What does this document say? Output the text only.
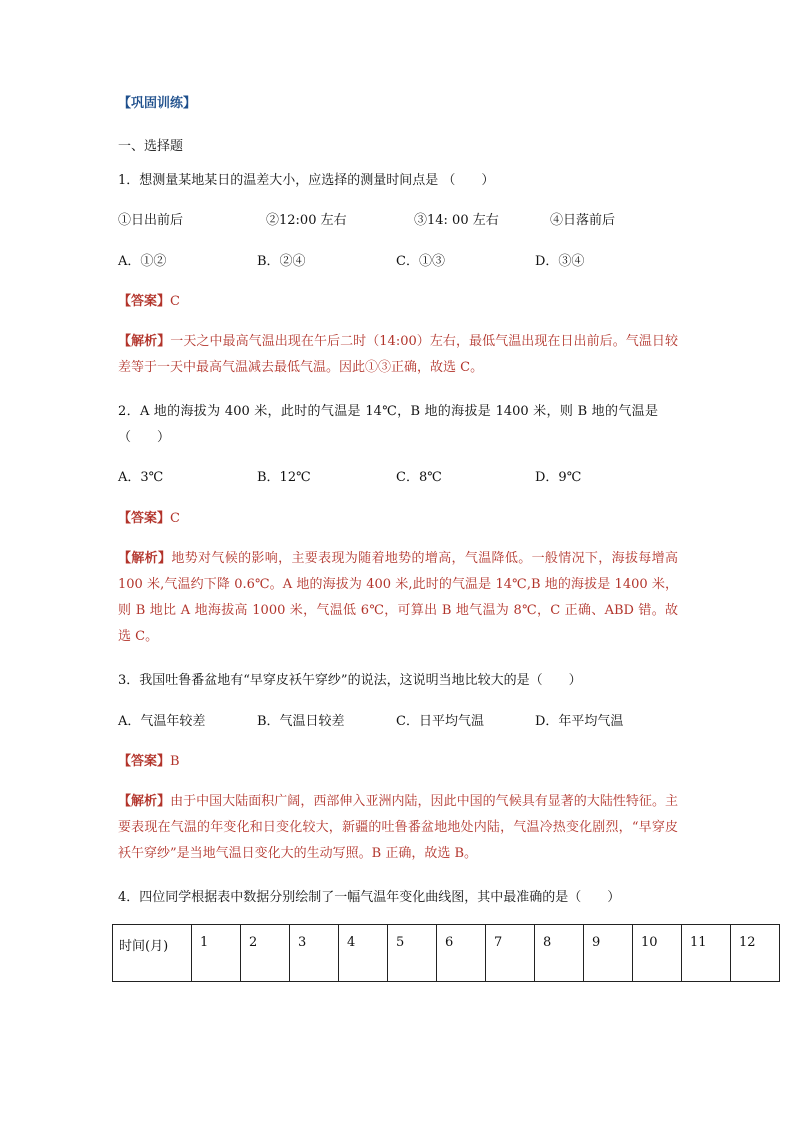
【巩固训练】
一、选择题
1．想测量某地某日的温差大小，应选择的测量时间点是 （　　）
①日出前后	②12:00 左右	③14: 00 左右	④日落前后
A．①②	B．②④	C．①③	D．③④
【答案】C
【解析】一天之中最高气温出现在午后二时（14:00）左右，最低气温出现在日出前后。气温日较差等于一天中最高气温减去最低气温。因此①③正确，故选 C。
2．A 地的海拔为 400 米，此时的气温是 14℃，B 地的海拔是 1400 米，则 B 地的气温是（　　）
A．3℃	B．12℃	C．8℃	D．9℃
【答案】C
【解析】地势对气候的影响，主要表现为随着地势的增高，气温降低。一般情况下，海拔每增高 100 米,气温约下降 0.6℃。A 地的海拔为 400 米,此时的气温是 14℃,B 地的海拔是 1400 米，则 B 地比 A 地海拔高 1000 米，气温低 6℃，可算出 B 地气温为 8℃，C 正确、ABD 错。故选 C。
3．我国吐鲁番盆地有“早穿皮袄午穿纱”的说法，这说明当地比较大的是（　　）
A．气温年较差	B．气温日较差	C．日平均气温	D．年平均气温
【答案】B
【解析】由于中国大陆面积广阔，西部伸入亚洲内陆，因此中国的气候具有显著的大陆性特征。主要表现在气温的年变化和日变化较大，新疆的吐鲁番盆地地处内陆，气温冷热变化剧烈，“早穿皮袄午穿纱”是当地气温日变化大的生动写照。B 正确，故选 B。
4．四位同学根据表中数据分别绘制了一幅气温年变化曲线图，其中最准确的是（　　）
时间(月)	1	2	3	4	5	6	7	8	9	10	11	12
